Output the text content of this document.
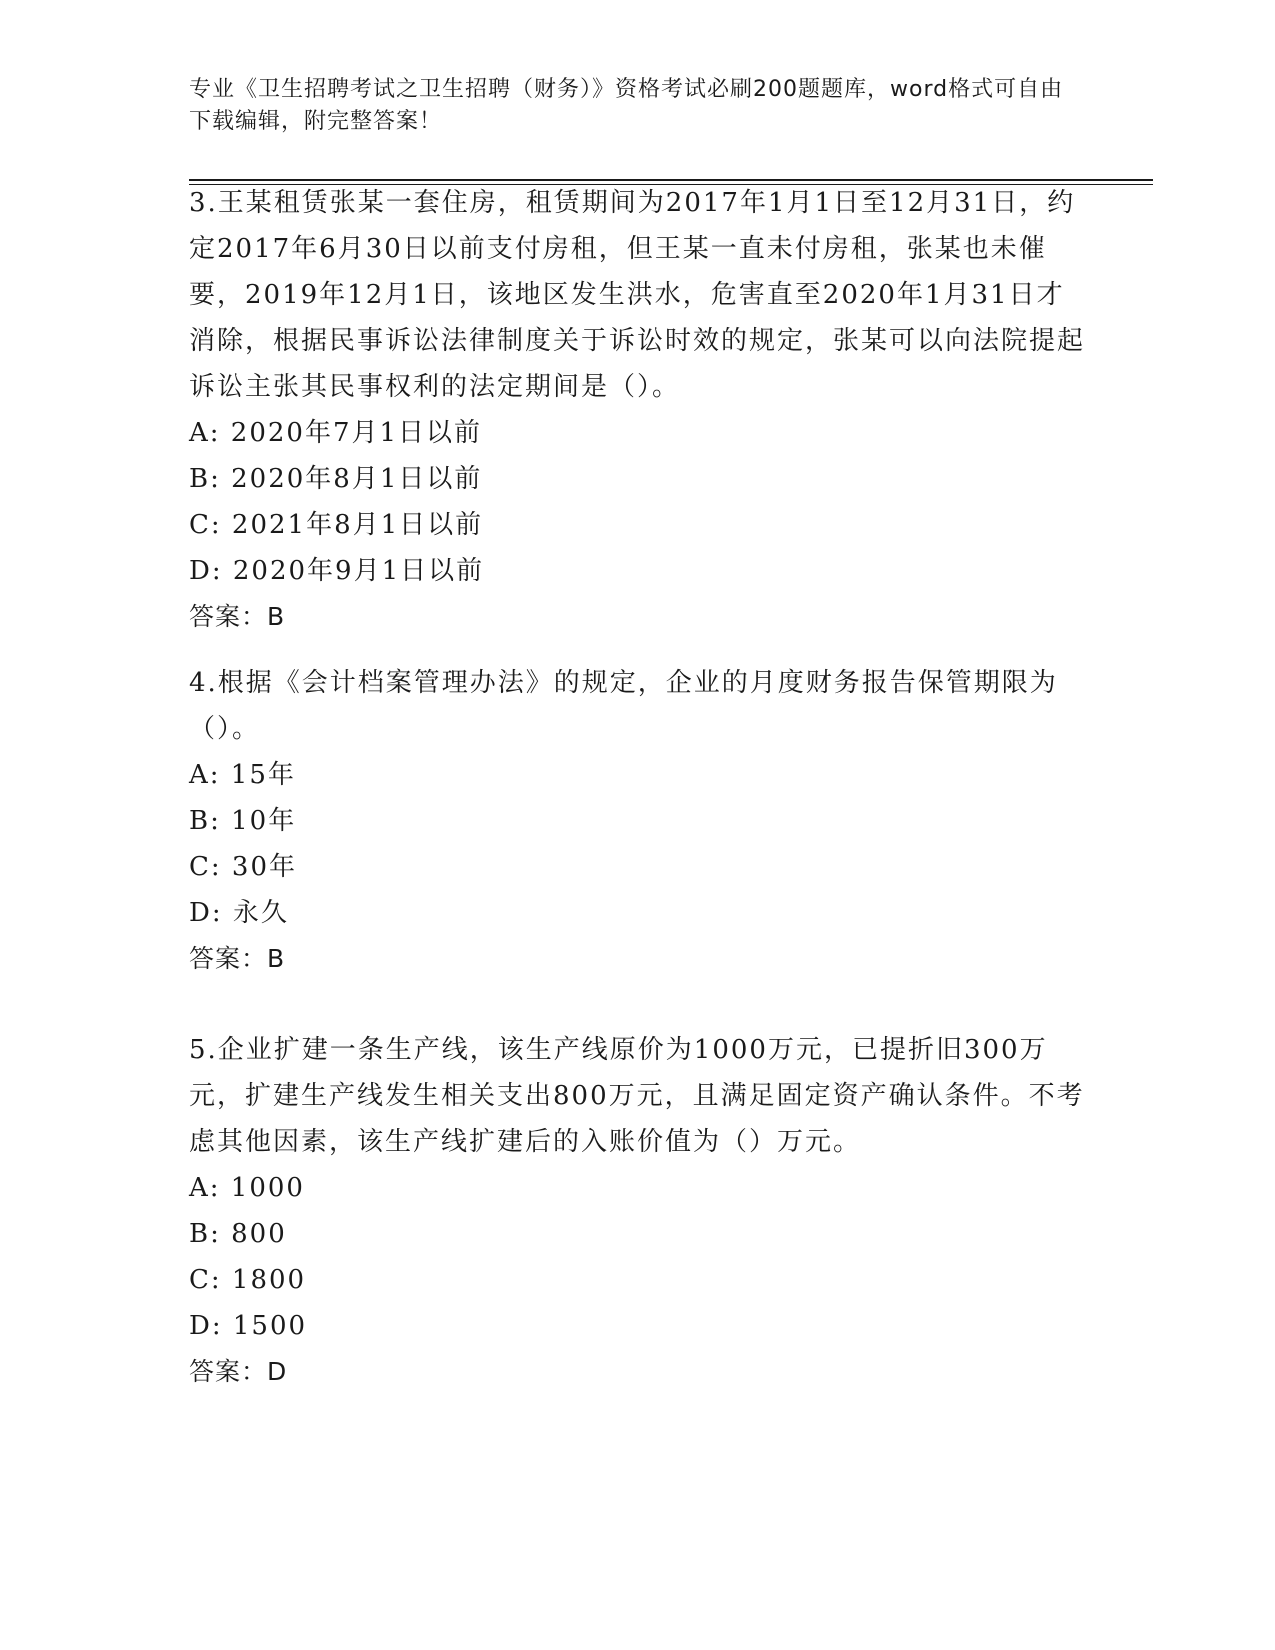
专业《卫生招聘考试之卫生招聘（财务）》资格考试必刷200题题库，word格式可自由下载编辑，附完整答案！

3.王某租赁张某一套住房，租赁期间为2017年1月1日至12月31日，约定2017年6月30日以前支付房租，但王某一直未付房租，张某也未催要，2019年12月1日，该地区发生洪水，危害直至2020年1月31日才消除，根据民事诉讼法律制度关于诉讼时效的规定，张某可以向法院提起诉讼主张其民事权利的法定期间是（）。

A: 2020年7月1日以前

B: 2020年8月1日以前

C: 2021年8月1日以前

D: 2020年9月1日以前

答案：B

4.根据《会计档案管理办法》的规定，企业的月度财务报告保管期限为（）。

A: 15年

B: 10年

C: 30年

D: 永久

答案：B

5.企业扩建一条生产线，该生产线原价为1000万元，已提折旧300万元，扩建生产线发生相关支出800万元，且满足固定资产确认条件。不考虑其他因素，该生产线扩建后的入账价值为（）万元。

A: 1000

B: 800

C: 1800

D: 1500

答案：D
